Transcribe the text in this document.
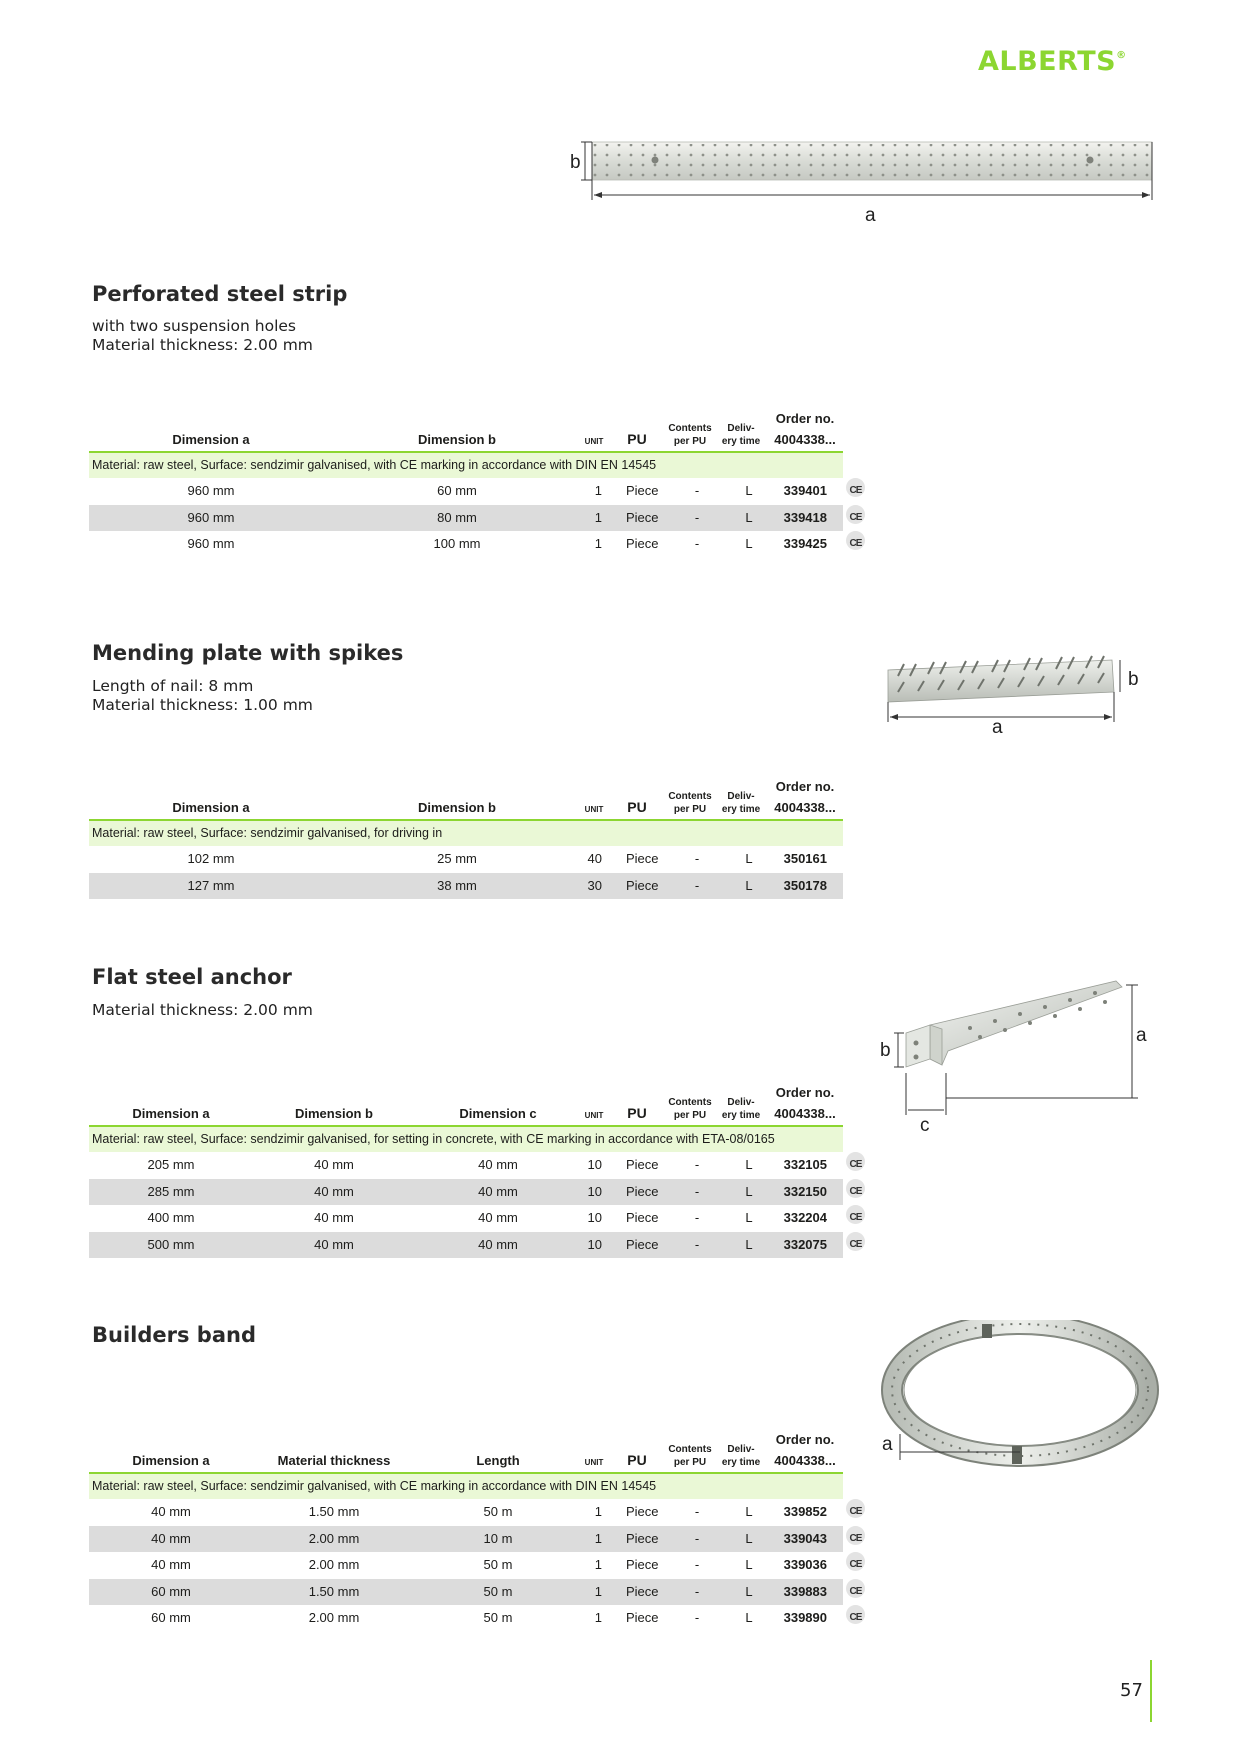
ALBERTS®
b
a
Perforated steel strip
with two suspension holes
Material thickness: 2.00 mm
Dimension a	Dimension b	UNIT PU
Contents
per PU
Deliv-
ery time
Order no.
4004338...
Material: raw steel, Surface: sendzimir galvanised, with CE marking in accordance with DIN EN 14545
960 mm	60 mm	1 Piece	-	L 339401	CE
960 mm	80 mm	1 Piece	-	L 339418	CE
960 mm	100 mm	1 Piece	-	L 339425	CE
b
a
Mending plate with spikes
Length of nail: 8 mm
Material thickness: 1.00 mm
Dimension a	Dimension b	UNIT PU
Contents
per PU
Deliv-
ery time
Order no.
4004338...
Material: raw steel, Surface: sendzimir galvanised, for driving in
102 mm	25 mm	40 Piece	-	L 350161
127 mm	38 mm	30 Piece	-	L 350178
b
a
c
Flat steel anchor
Material thickness: 2.00 mm
Dimension a	Dimension b	Dimension c	UNIT PU
Contents
per PU
Deliv-
ery time
Order no.
4004338...
Material: raw steel, Surface: sendzimir galvanised, for setting in concrete, with CE marking in accordance with ETA-08/0165
205 mm	40 mm	40 mm	10 Piece	-	L 332105	CE
285 mm	40 mm	40 mm	10 Piece	-	L 332150	CE
400 mm	40 mm	40 mm	10 Piece	-	L 332204	CE
500 mm	40 mm	40 mm	10 Piece	-	L 332075	CE
a
Builders band
Dimension a	Material thickness	Length	UNIT PU
Contents
per PU
Deliv-
ery time
Order no.
4004338...
Material: raw steel, Surface: sendzimir galvanised, with CE marking in accordance with DIN EN 14545
40 mm	1.50 mm	50 m	1 Piece	-	L 339852	CE
40 mm	2.00 mm	10 m	1 Piece	-	L 339043	CE
40 mm	2.00 mm	50 m	1 Piece	-	L 339036	CE
60 mm	1.50 mm	50 m	1 Piece	-	L 339883	CE
60 mm	2.00 mm	50 m	1 Piece	-	L 339890	CE
57
